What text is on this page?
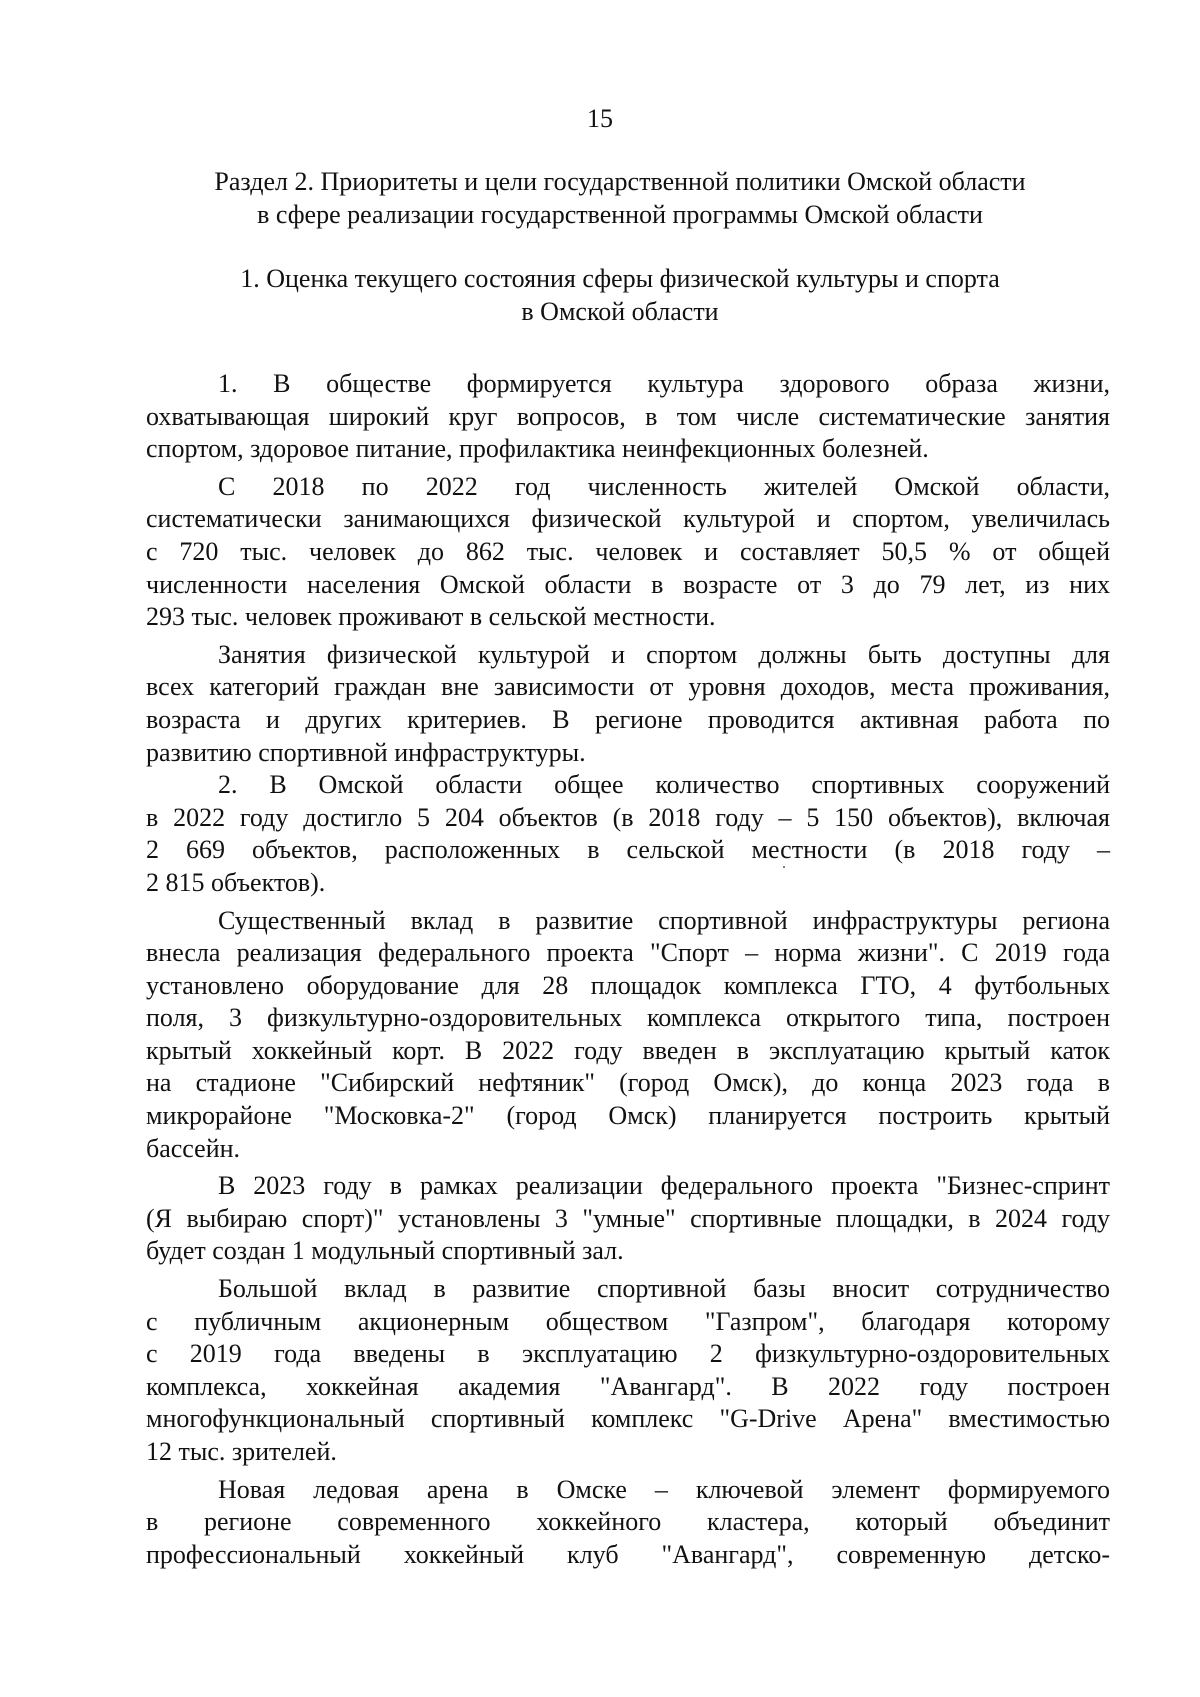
15
Раздел 2. Приоритеты и цели государственной политики Омской области
в сфере реализации государственной программы Омской области
1. Оценка текущего состояния сферы физической культуры и спорта
в Омской области
1. В обществе формируется культура здорового образа жизни,
охватывающая широкий круг вопросов, в том числе систематические занятия
спортом, здоровое питание, профилактика неинфекционных болезней.
С 2018 по 2022 год численность жителей Омской области,
систематически занимающихся физической культурой и спортом, увеличилась
с 720 тыс. человек до 862 тыс. человек и составляет 50,5 % от общей
численности населения Омской области в возрасте от 3 до 79 лет, из них
293 тыс. человек проживают в сельской местности.
Занятия физической культурой и спортом должны быть доступны для
всех категорий граждан вне зависимости от уровня доходов, места проживания,
возраста и других критериев. В регионе проводится активная работа по
развитию спортивной инфраструктуры.
2. В Омской области общее количество спортивных сооружений
в 2022 году достигло 5 204 объектов (в 2018 году – 5 150 объектов), включая
2 669 объектов, расположенных в сельской местности (в 2018 году –
2 815 объектов).
Существенный вклад в развитие спортивной инфраструктуры региона
внесла реализация федерального проекта "Спорт – норма жизни". С 2019 года
установлено оборудование для 28 площадок комплекса ГТО, 4 футбольных
поля, 3 физкультурно-оздоровительных комплекса открытого типа, построен
крытый хоккейный корт. В 2022 году введен в эксплуатацию крытый каток
на стадионе "Сибирский нефтяник" (город Омск), до конца 2023 года в
микрорайоне "Московка-2" (город Омск) планируется построить крытый
бассейн.
В 2023 году в рамках реализации федерального проекта "Бизнес-спринт
(Я выбираю спорт)" установлены 3 "умные" спортивные площадки, в 2024 году
будет создан 1 модульный спортивный зал.
Большой вклад в развитие спортивной базы вносит сотрудничество
с публичным акционерным обществом "Газпром", благодаря которому
с 2019 года введены в эксплуатацию 2 физкультурно-оздоровительных
комплекса, хоккейная академия "Авангард". В 2022 году построен
многофункциональный спортивный комплекс "G-Drive Арена" вместимостью
12 тыс. зрителей.
Новая ледовая арена в Омске – ключевой элемент формируемого
в регионе современного хоккейного кластера, который объединит
профессиональный хоккейный клуб "Авангард", современную детско-
